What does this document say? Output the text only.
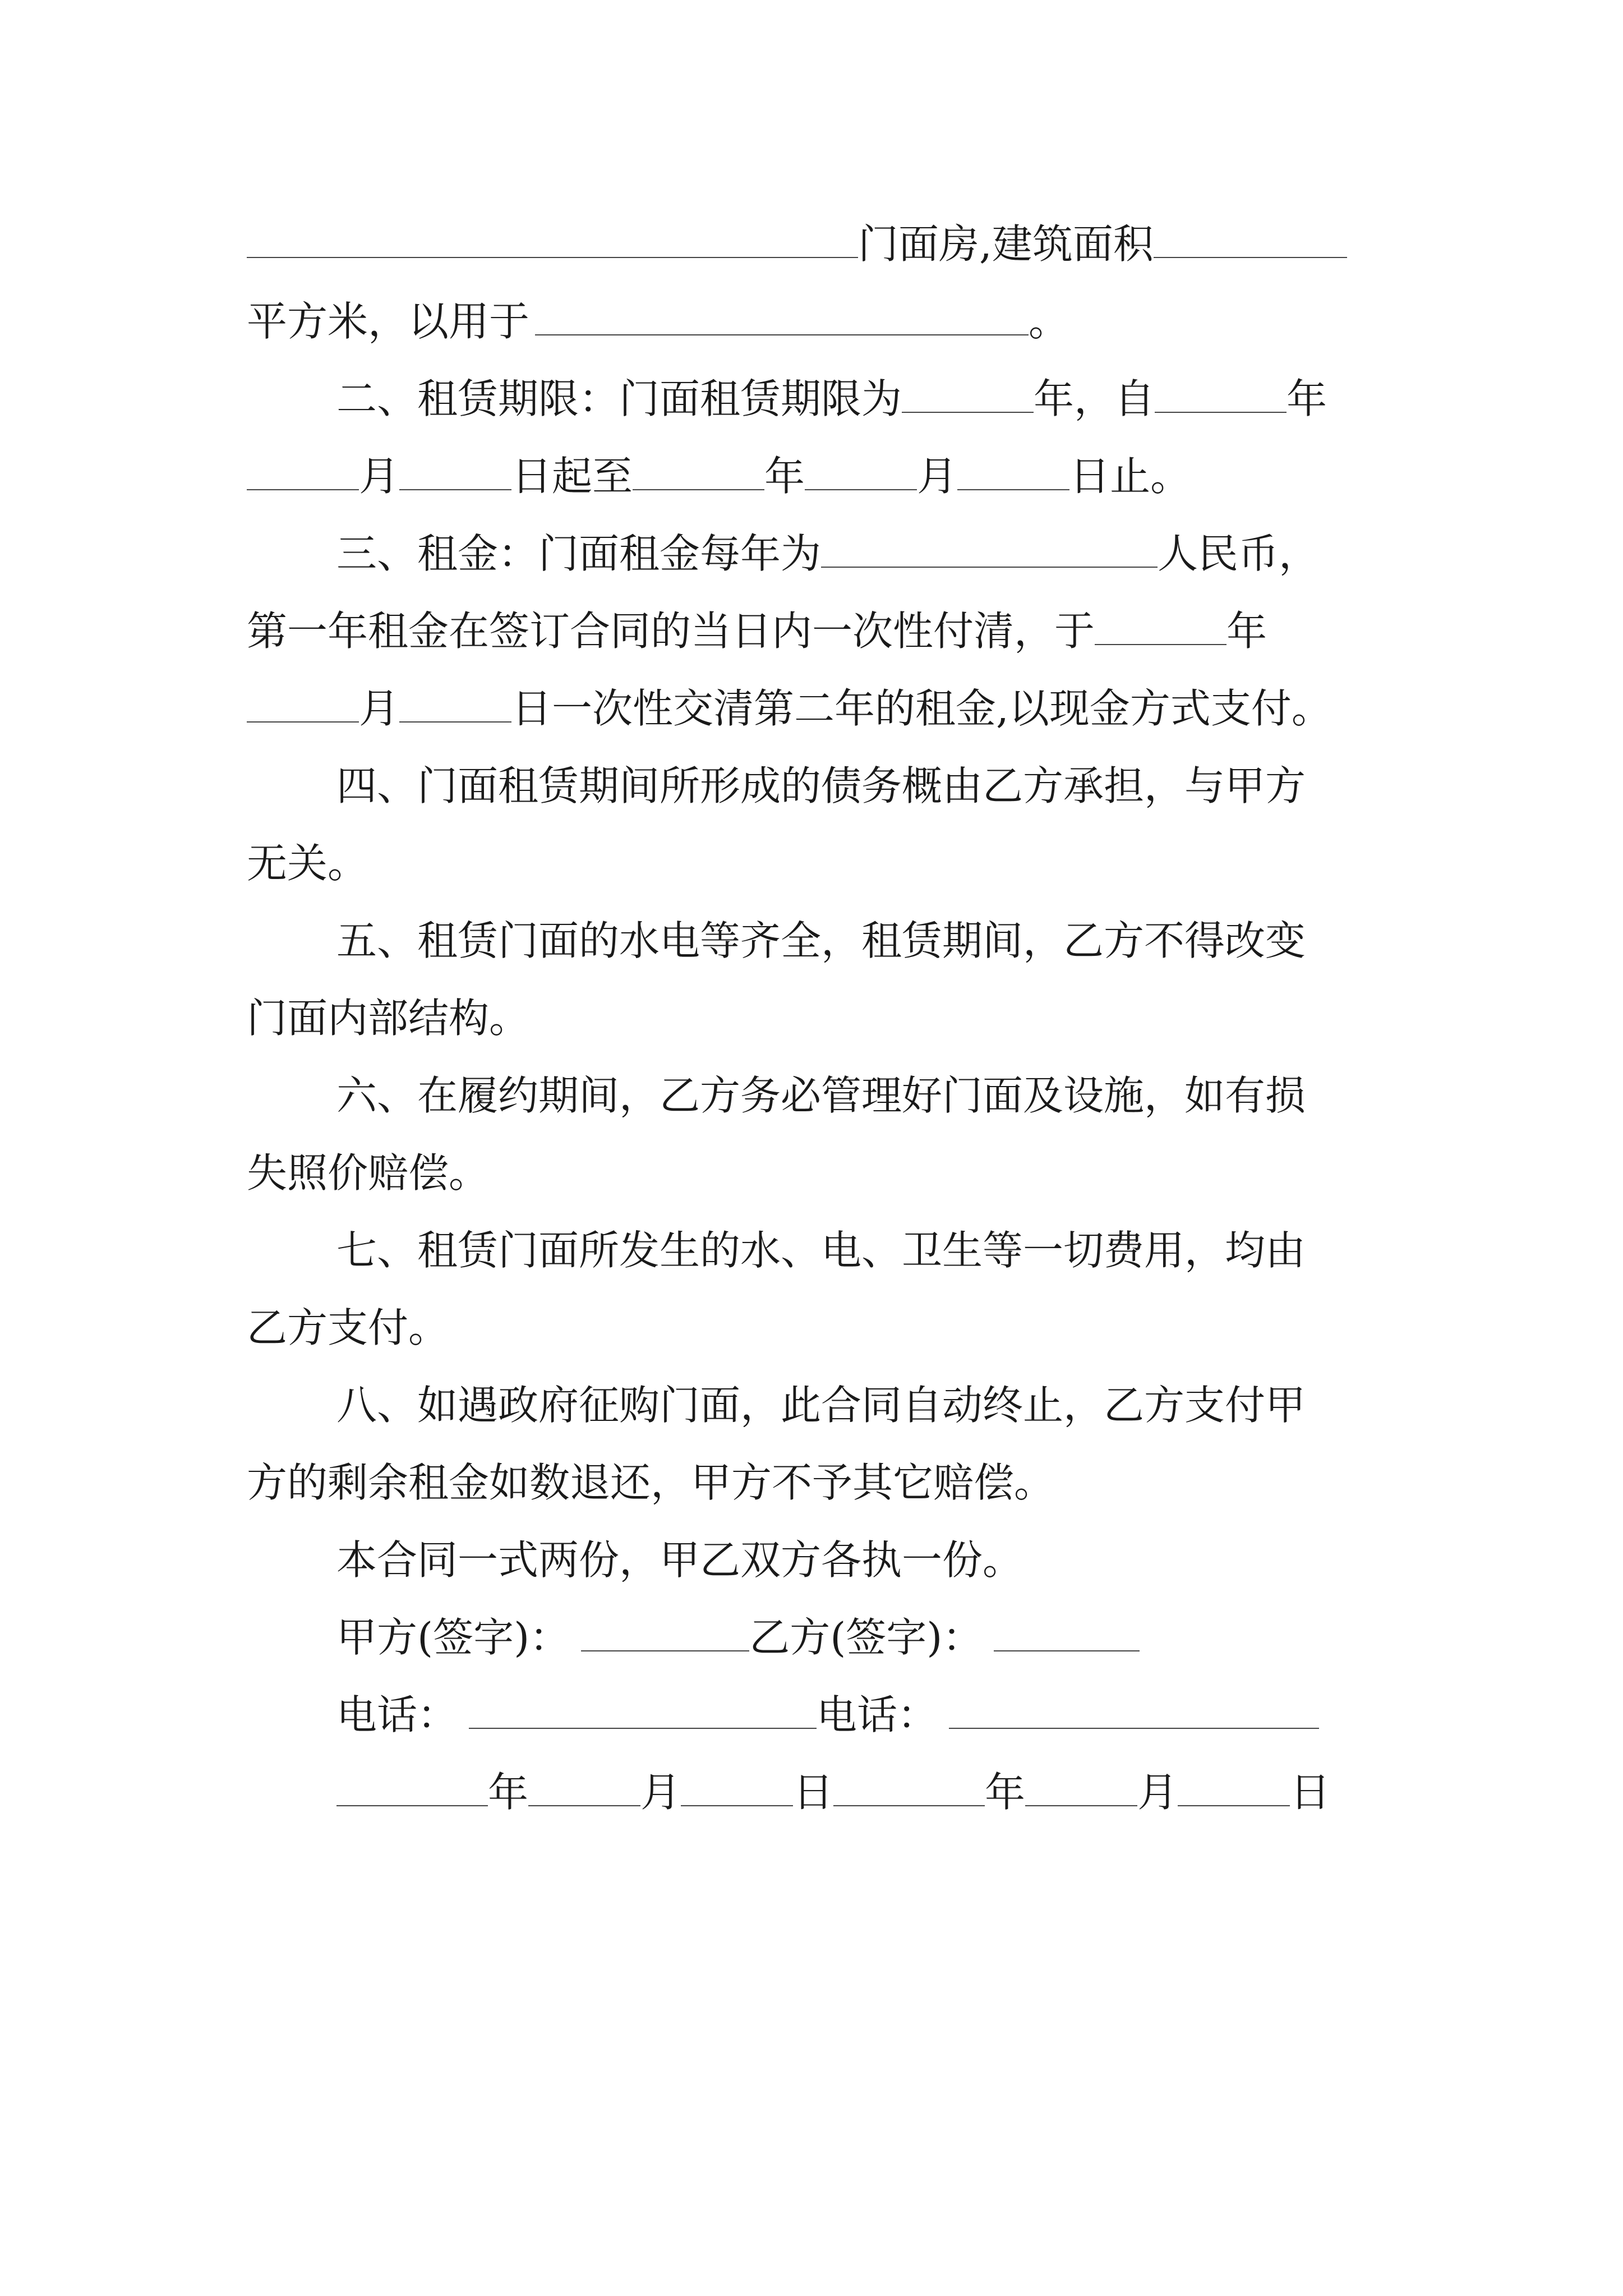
门面房,建筑面积
平方米，以用于	。
二、租赁期限：门面租赁期限为	年，自	年
月	日起至	年	月	日止。
三、租金：门面租金每年为	人民币，
第一年租金在签订合同的当日内一次性付清，于	年
月	日一次性交清第二年的租金,以现金方式支付。
四、门面租赁期间所形成的债务概由乙方承担，与甲方
无关。
五、租赁门面的水电等齐全，租赁期间，乙方不得改变
门面内部结构。
六、在履约期间，乙方务必管理好门面及设施，如有损
失照价赔偿。
七、租赁门面所发生的水、电、卫生等一切费用，均由
乙方支付。
八、如遇政府征购门面，此合同自动终止，乙方支付甲
方的剩余租金如数退还，甲方不予其它赔偿。
本合同一式两份，甲乙双方各执一份。
甲方(签字)：	乙方(签字)：
电话：	电话：
年	月	日	年	月	日
